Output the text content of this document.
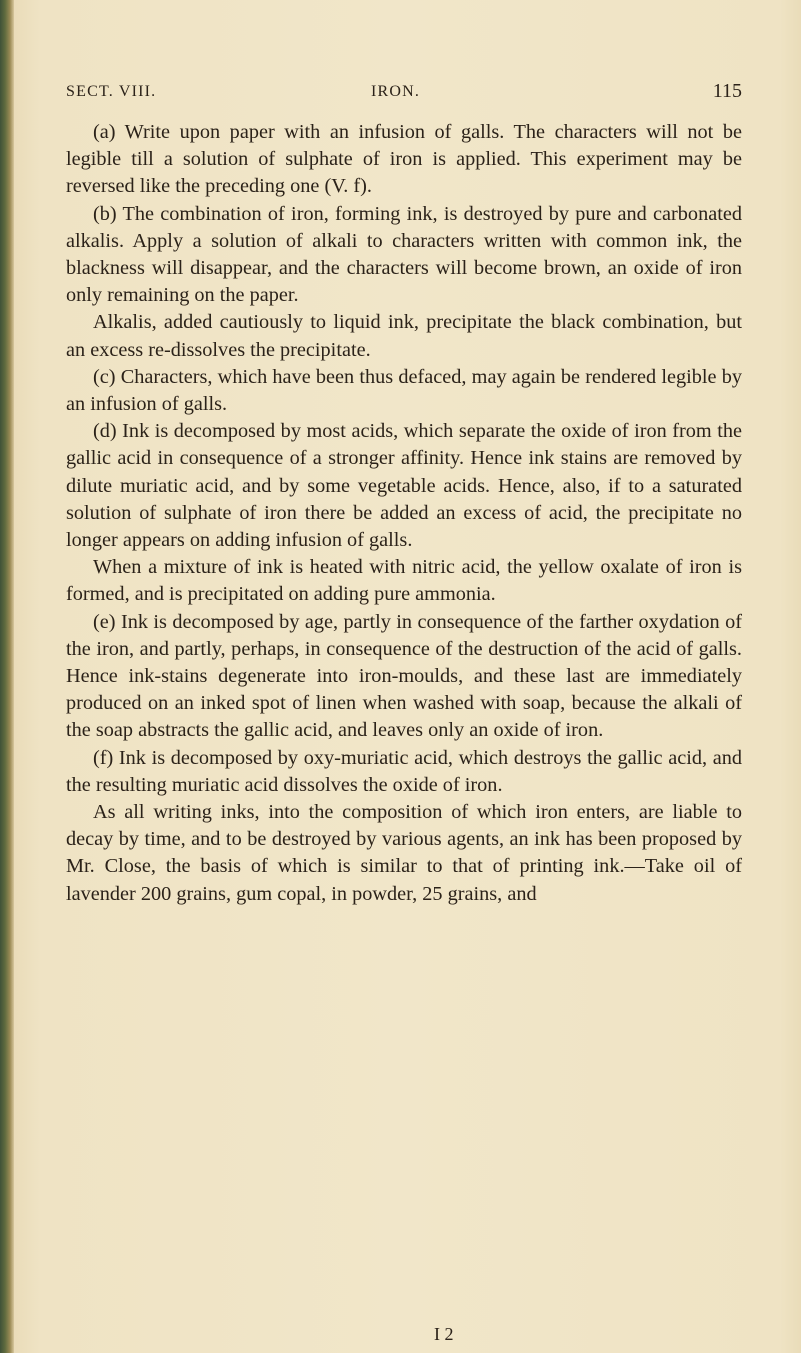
SECT. VIII.	IRON.	115

(a) Write upon paper with an infusion of galls. The characters will not be legible till a solution of sulphate of iron is applied. This experiment may be reversed like the preceding one (V. f).

(b) The combination of iron, forming ink, is destroyed by pure and carbonated alkalis. Apply a solution of alkali to characters written with common ink, the blackness will disappear, and the characters will become brown, an oxide of iron only remaining on the paper.

Alkalis, added cautiously to liquid ink, precipitate the black combination, but an excess re-dissolves the precipitate.

(c) Characters, which have been thus defaced, may again be rendered legible by an infusion of galls.

(d) Ink is decomposed by most acids, which separate the oxide of iron from the gallic acid in consequence of a stronger affinity. Hence ink stains are removed by dilute muriatic acid, and by some vegetable acids. Hence, also, if to a saturated solution of sulphate of iron there be added an excess of acid, the precipitate no longer appears on adding infusion of galls.

When a mixture of ink is heated with nitric acid, the yellow oxalate of iron is formed, and is precipitated on adding pure ammonia.

(e) Ink is decomposed by age, partly in consequence of the farther oxydation of the iron, and partly, perhaps, in consequence of the destruction of the acid of galls. Hence ink-stains degenerate into iron-moulds, and these last are immediately produced on an inked spot of linen when washed with soap, because the alkali of the soap abstracts the gallic acid, and leaves only an oxide of iron.

(f) Ink is decomposed by oxy-muriatic acid, which destroys the gallic acid, and the resulting muriatic acid dissolves the oxide of iron.

As all writing inks, into the composition of which iron enters, are liable to decay by time, and to be destroyed by various agents, an ink has been proposed by Mr. Close, the basis of which is similar to that of printing ink.—Take oil of lavender 200 grains, gum copal, in powder, 25 grains, and

I 2
